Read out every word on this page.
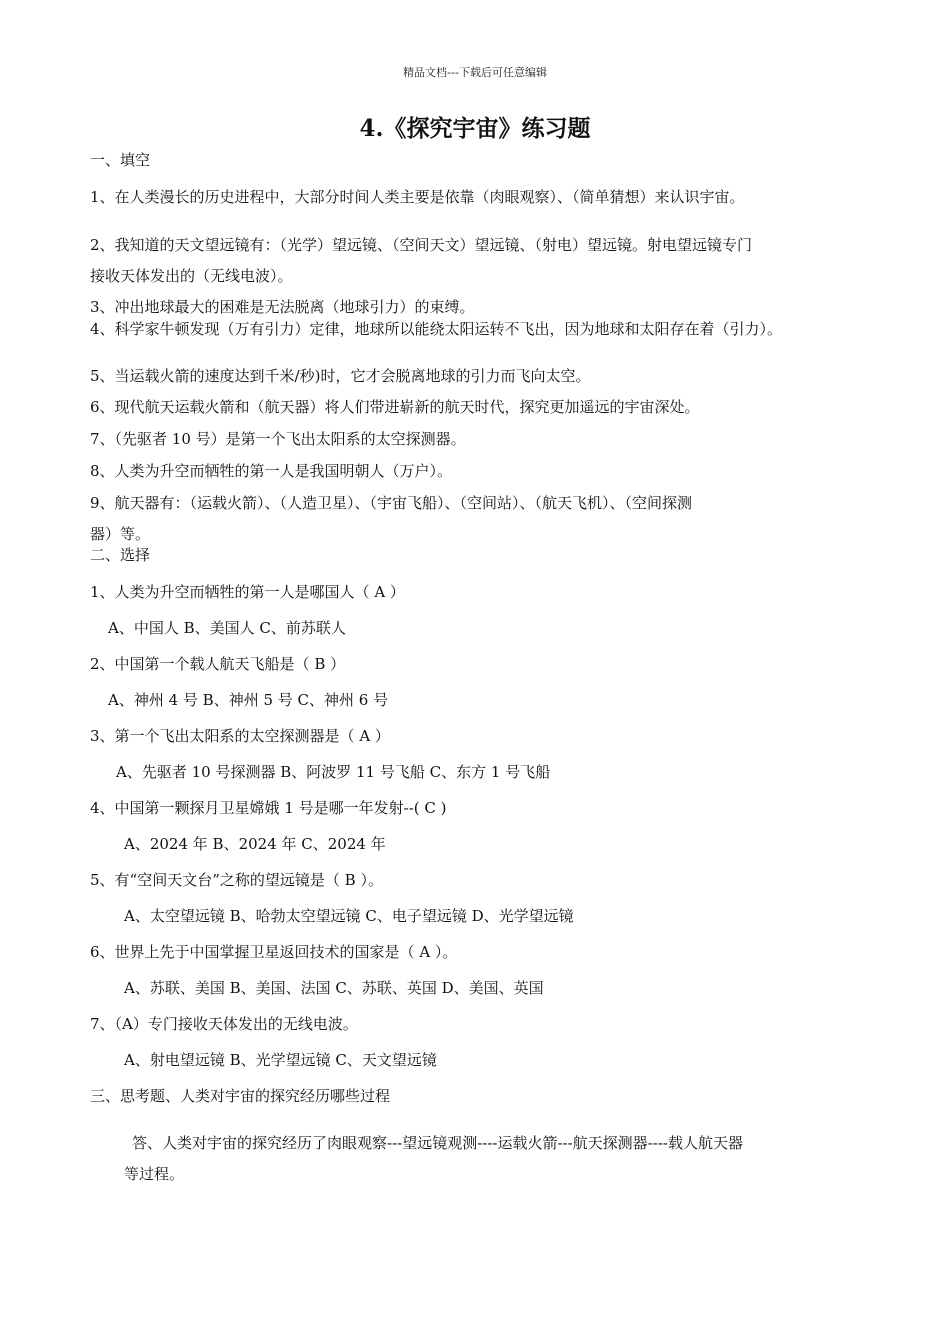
精品文档---下载后可任意编辑
4.《探究宇宙》练习题
一、填空
1、在人类漫长的历史进程中，大部分时间人类主要是依靠（肉眼观察）、（简单猜想）来认识宇宙。
2、我知道的天文望远镜有：（光学）望远镜、（空间天文）望远镜、（射电）望远镜。射电望远镜专门
接收天体发出的（无线电波）。
3、冲出地球最大的困难是无法脱离（地球引力）的束缚。
4、科学家牛顿发现（万有引力）定律，地球所以能绕太阳运转不飞出，因为地球和太阳存在着（引力）。
5、当运载火箭的速度达到千米/秒)时，它才会脱离地球的引力而飞向太空。
6、现代航天运载火箭和（航天器）将人们带进崭新的航天时代，探究更加遥远的宇宙深处。
7、（先驱者 10 号）是第一个飞出太阳系的太空探测器。
8、人类为升空而牺牲的第一人是我国明朝人（万户）。
9、航天器有：（运载火箭）、（人造卫星）、（宇宙飞船）、（空间站）、（航天飞机）、（空间探测
器）等。
二、选择
1、人类为升空而牺牲的第一人是哪国人（ A ）
A、中国人 B、美国人 C、前苏联人
2、中国第一个载人航天飞船是（ B ）
A、神州 4 号 B、神州 5 号 C、神州 6 号
3、第一个飞出太阳系的太空探测器是（ A ）
A、先驱者 10 号探测器 B、阿波罗 11 号飞船 C、东方 1 号飞船
4、中国第一颗探月卫星嫦娥 1 号是哪一年发射--( C )
A、2024 年 B、2024 年 C、2024 年
5、有“空间天文台”之称的望远镜是（ B ）。
A、太空望远镜 B、哈勃太空望远镜 C、电子望远镜 D、光学望远镜
6、世界上先于中国掌握卫星返回技术的国家是（ A ）。
A、苏联、美国 B、美国、法国 C、苏联、英国 D、美国、英国
7、（A）专门接收天体发出的无线电波。
A、射电望远镜 B、光学望远镜 C、天文望远镜
三、思考题、人类对宇宙的探究经历哪些过程
答、人类对宇宙的探究经历了肉眼观察---望远镜观测----运载火箭---航天探测器----载人航天器
等过程。
